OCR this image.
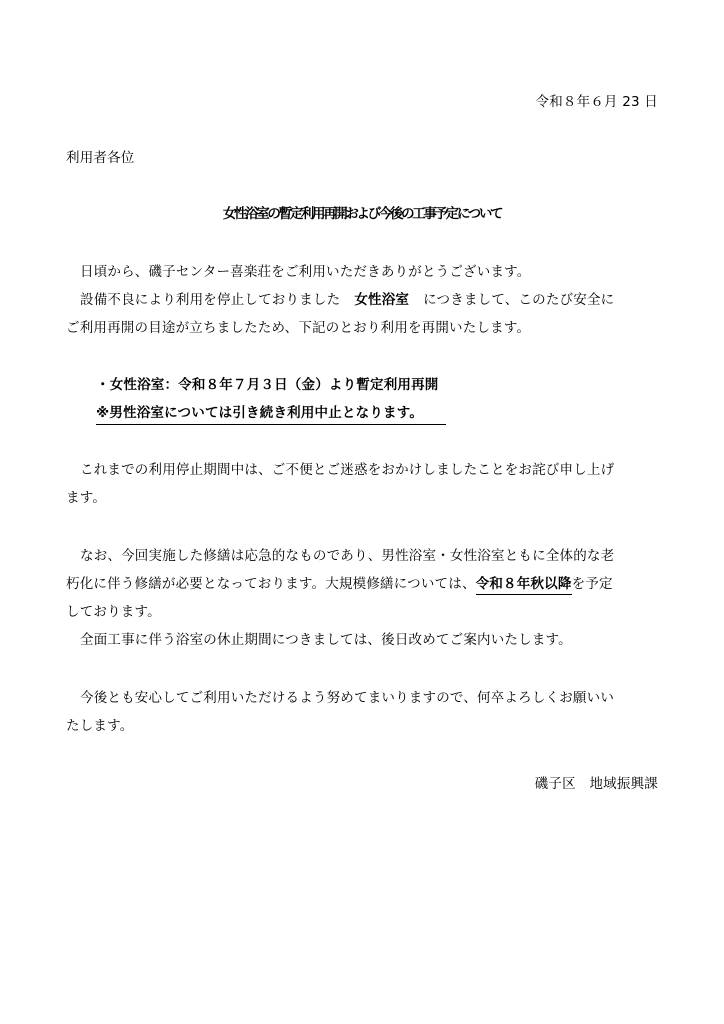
令和８年６月 23 日
利用者各位
女性浴室の暫定利用再開および今後の工事予定について
日頃から、磯子センター喜楽荘をご利用いただきありがとうございます。
設備不良により利用を停止しておりました 女性浴室 につきまして、このたび安全に
ご利用再開の目途が立ちましたため、下記のとおり利用を再開いたします。
・女性浴室：令和８年７月３日（金）より暫定利用再開
※男性浴室については引き続き利用中止となります。
これまでの利用停止期間中は、ご不便とご迷惑をおかけしましたことをお詫び申し上げ
ます。
なお、今回実施した修繕は応急的なものであり、男性浴室・女性浴室ともに全体的な老
朽化に伴う修繕が必要となっております。大規模修繕については、令和８年秋以降を予定
しております。
全面工事に伴う浴室の休止期間につきましては、後日改めてご案内いたします。
今後とも安心してご利用いただけるよう努めてまいりますので、何卒よろしくお願いい
たします。
磯子区　地域振興課
